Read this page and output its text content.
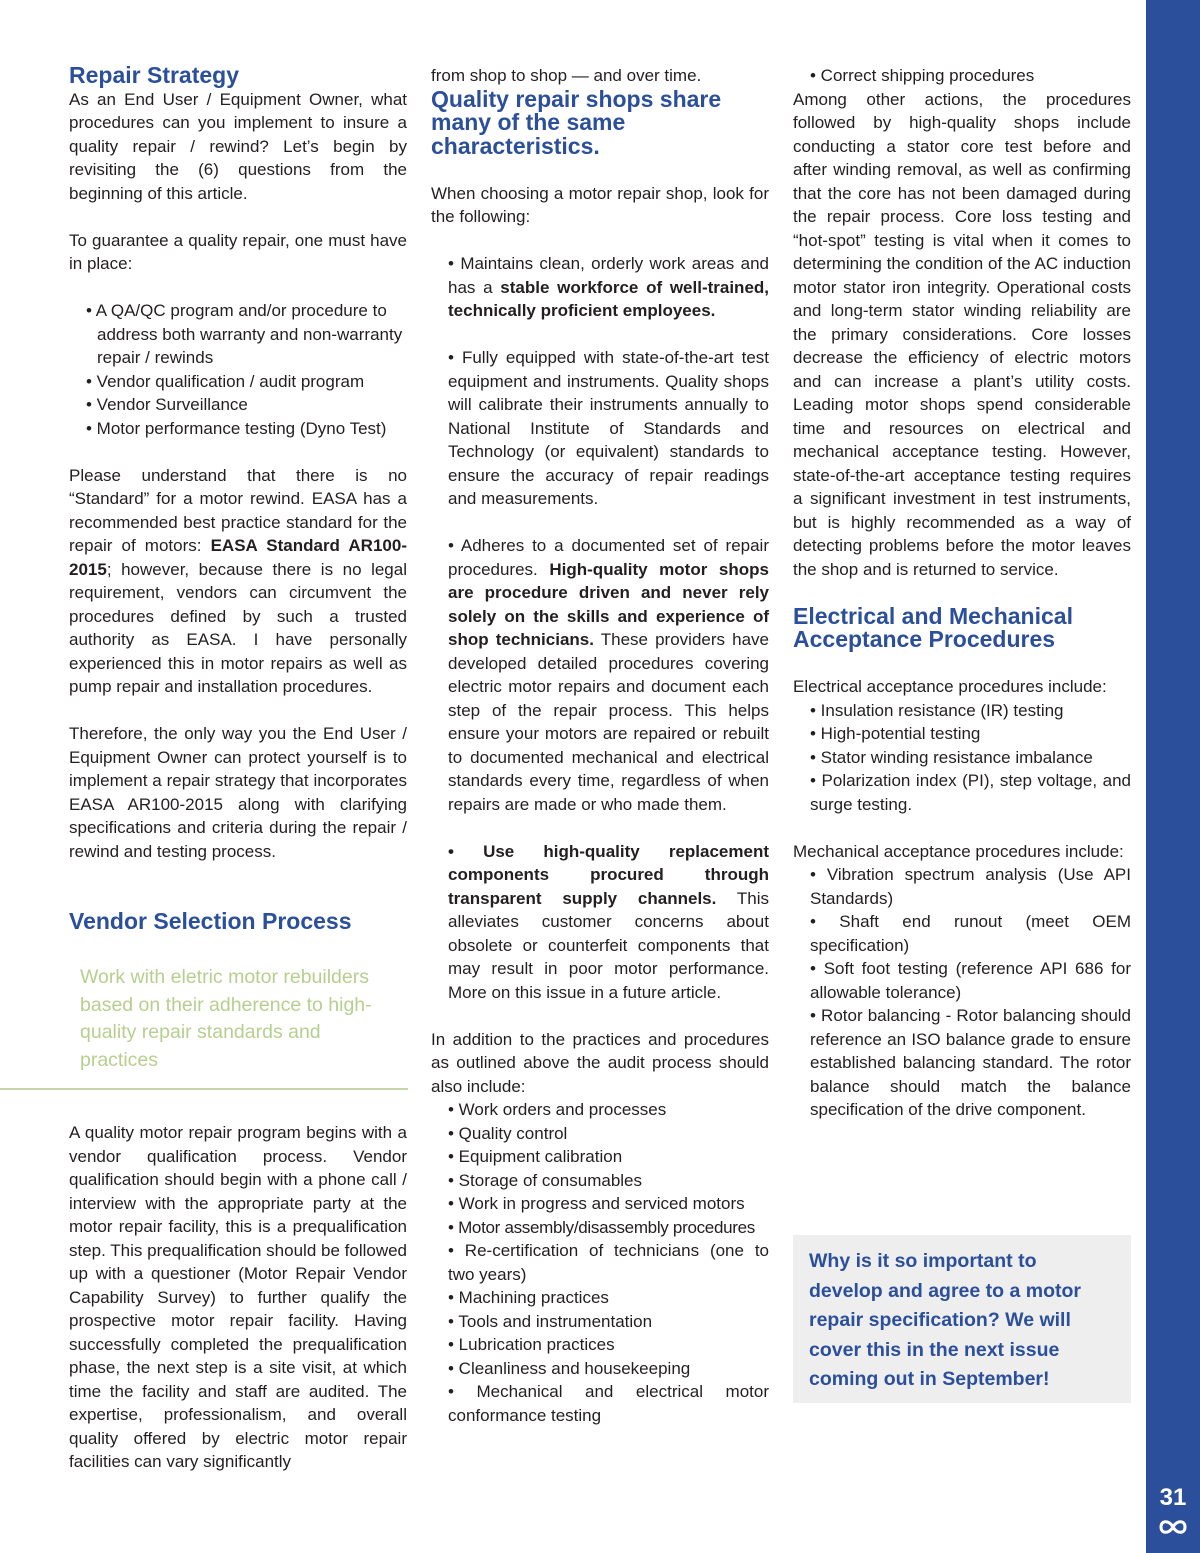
Repair Strategy

As an End User / Equipment Owner, what procedures can you implement to insure a quality repair / rewind? Let’s begin by revisiting the (6) questions from the beginning of this article.

To guarantee a quality repair, one must have in place:

• A QA/QC program and/or procedure to address both warranty and non-warranty repair / rewinds
• Vendor qualification / audit program
• Vendor Surveillance
• Motor performance testing (Dyno Test)

Please understand that there is no “Standard” for a motor rewind. EASA has a recommended best practice standard for the repair of motors: EASA Standard AR100-2015; however, because there is no legal requirement, vendors can circumvent the procedures defined by such a trusted authority as EASA. I have personally experienced this in motor repairs as well as pump repair and installation procedures.

Therefore, the only way you the End User / Equipment Owner can protect yourself is to implement a repair strategy that incorporates EASA AR100-2015 along with clarifying specifications and criteria during the repair / rewind and testing process.

Vendor Selection Process
Work with eletric motor rebuilders based on their adherence to high-quality repair standards and practices

A quality motor repair program begins with a vendor qualification process. Vendor qualification should begin with a phone call / interview with the appropriate party at the motor repair facility, this is a prequalification step. This prequalification should be followed up with a questioner (Motor Repair Vendor Capability Survey) to further qualify the prospective motor repair facility. Having successfully completed the prequalification phase, the next step is a site visit, at which time the facility and staff are audited. The expertise, professionalism, and overall quality offered by electric motor repair facilities can vary significantly

from shop to shop — and over time.

Quality repair shops share many of the same characteristics.

When choosing a motor repair shop, look for the following:

• Maintains clean, orderly work areas and has a stable workforce of well-trained, technically proficient employees.

• Fully equipped with state-of-the-art test equipment and instruments. Quality shops will calibrate their instruments annually to National Institute of Standards and Technology (or equivalent) standards to ensure the accuracy of repair readings and measurements.

• Adheres to a documented set of repair procedures. High-quality motor shops are procedure driven and never rely solely on the skills and experience of shop technicians. These providers have developed detailed procedures covering electric motor repairs and document each step of the repair process. This helps ensure your motors are repaired or rebuilt to documented mechanical and electrical standards every time, regardless of when repairs are made or who made them.

• Use high-quality replacement components procured through transparent supply channels. This alleviates customer concerns about obsolete or counterfeit components that may result in poor motor performance. More on this issue in a future article.

In addition to the practices and procedures as outlined above the audit process should also include:

• Work orders and processes
• Quality control
• Equipment calibration
• Storage of consumables
• Work in progress and serviced motors
• Motor assembly/disassembly procedures
• Re-certification of technicians (one to two years)
• Machining practices
• Tools and instrumentation
• Lubrication practices
• Cleanliness and housekeeping
• Mechanical and electrical motor conformance testing

• Correct shipping procedures

Among other actions, the procedures followed by high-quality shops include conducting a stator core test before and after winding removal, as well as confirming that the core has not been damaged during the repair process. Core loss testing and “hot-spot” testing is vital when it comes to determining the condition of the AC induction motor stator iron integrity. Operational costs and long-term stator winding reliability are the primary considerations. Core losses decrease the efficiency of electric motors and can increase a plant’s utility costs. Leading motor shops spend considerable time and resources on electrical and mechanical acceptance testing. However, state-of-the-art acceptance testing requires a significant investment in test instruments, but is highly recommended as a way of detecting problems before the motor leaves the shop and is returned to service.

Electrical and Mechanical Acceptance Procedures

Electrical acceptance procedures include:

• Insulation resistance (IR) testing
• High-potential testing
• Stator winding resistance imbalance
• Polarization index (PI), step voltage, and surge testing.

Mechanical acceptance procedures include:

• Vibration spectrum analysis (Use API Standards)
• Shaft end runout (meet OEM specification)
• Soft foot testing (reference API 686 for allowable tolerance)
• Rotor balancing - Rotor balancing should reference an ISO balance grade to ensure established balancing standard. The rotor balance should match the balance specification of the drive component.
Why is it so important to develop and agree to a motor repair specification? We will cover this in the next issue coming out in September!
31
